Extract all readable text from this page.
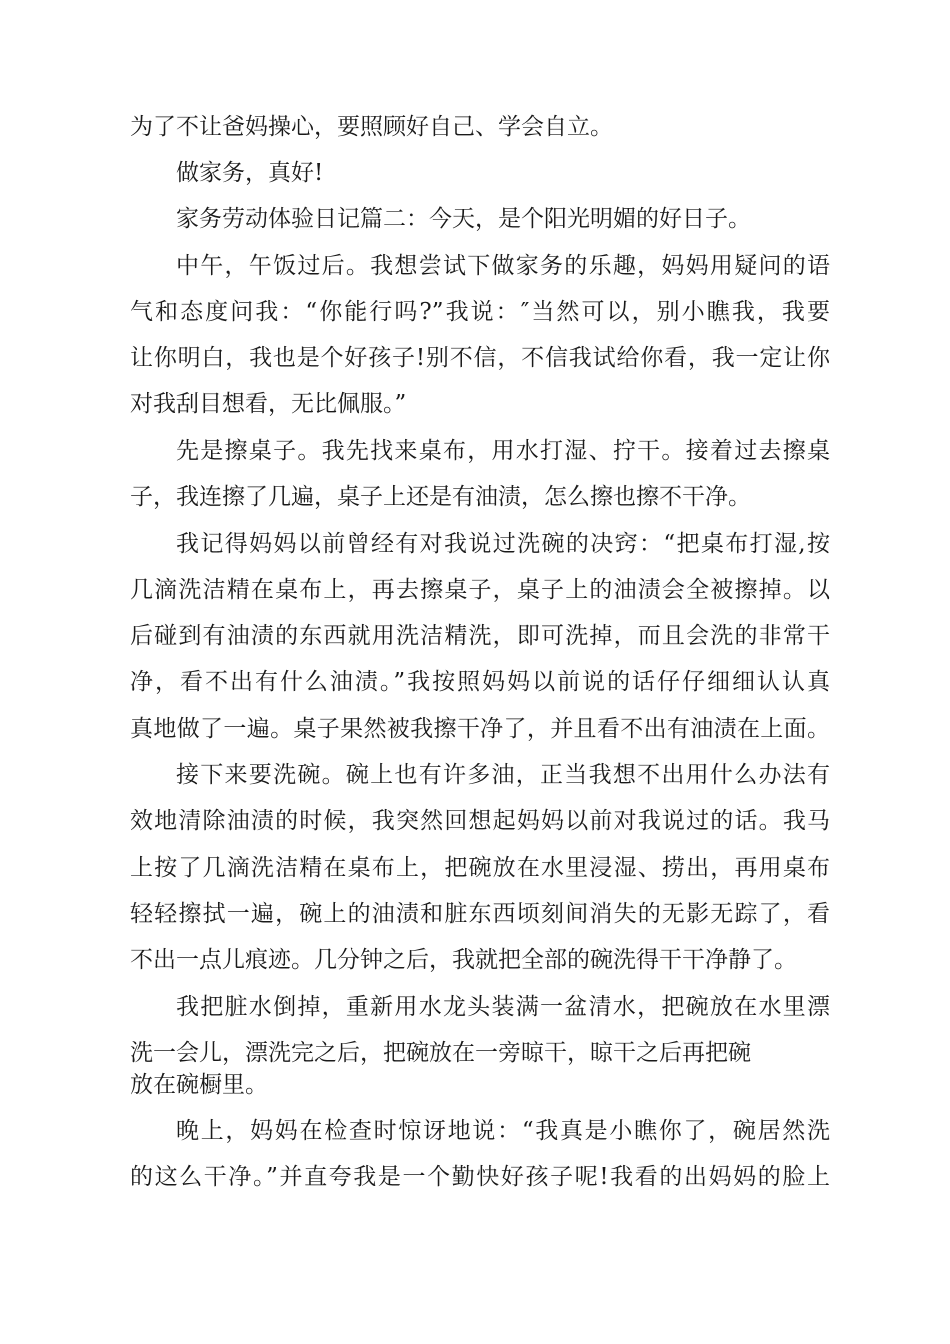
为了不让爸妈操心，要照顾好自己、学会自立。
做家务，真好!
家务劳动体验日记篇二：今天，是个阳光明媚的好日子。
中午，午饭过后。我想尝试下做家务的乐趣，妈妈用疑问的语
气和态度问我：“你能行吗?”我说：″当然可以，别小瞧我，我要
让你明白，我也是个好孩子!别不信，不信我试给你看，我一定让你
对我刮目想看，无比佩服。”
先是擦桌子。我先找来桌布，用水打湿、拧干。接着过去擦桌
子，我连擦了几遍，桌子上还是有油渍，怎么擦也擦不干净。
我记得妈妈以前曾经有对我说过洗碗的决窍：“把桌布打湿,按
几滴洗洁精在桌布上，再去擦桌子，桌子上的油渍会全被擦掉。以
后碰到有油渍的东西就用洗洁精洗，即可洗掉，而且会洗的非常干
净，看不出有什么油渍。”我按照妈妈以前说的话仔仔细细认认真
真地做了一遍。桌子果然被我擦干净了，并且看不出有油渍在上面。
接下来要洗碗。碗上也有许多油，正当我想不出用什么办法有
效地清除油渍的时候，我突然回想起妈妈以前对我说过的话。我马
上按了几滴洗洁精在桌布上，把碗放在水里浸湿、捞出，再用桌布
轻轻擦拭一遍，碗上的油渍和脏东西顷刻间消失的无影无踪了，看
不出一点儿痕迹。几分钟之后，我就把全部的碗洗得干干净静了。
我把脏水倒掉，重新用水龙头装满一盆清水，把碗放在水里漂
洗一会儿，漂洗完之后，把碗放在一旁晾干，晾干之后再把碗
放在碗橱里。
晚上，妈妈在检查时惊讶地说：“我真是小瞧你了，碗居然洗
的这么干净。”并直夸我是一个勤快好孩子呢!我看的出妈妈的脸上
